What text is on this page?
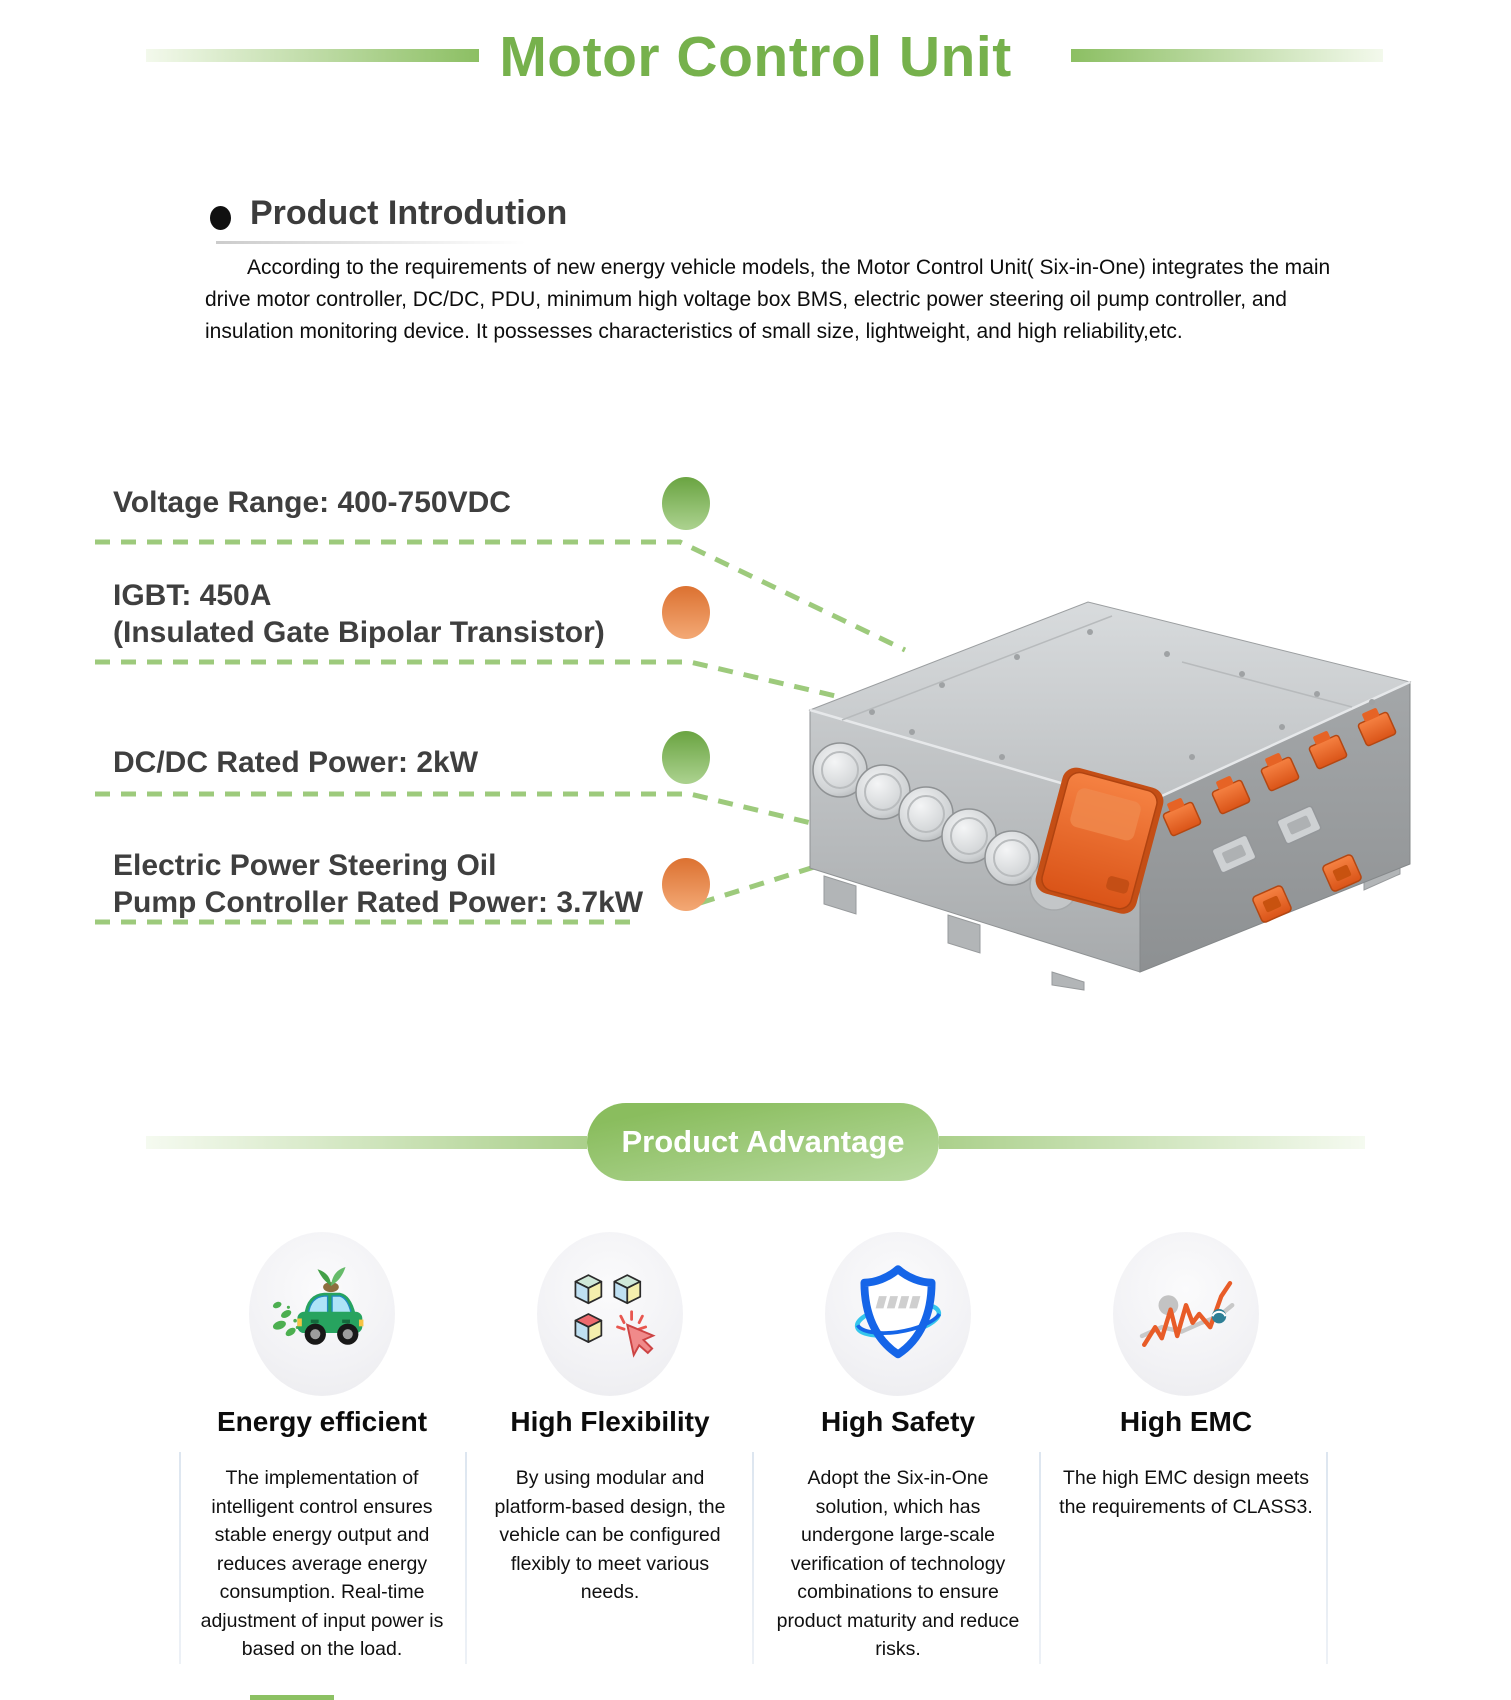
Motor Control Unit
Product Introdution
According to the requirements of new energy vehicle models, the Motor Control Unit( Six-in-One) integrates the main drive motor controller, DC/DC, PDU, minimum high voltage box BMS, electric power steering oil pump controller, and insulation monitoring device. It possesses characteristics of small size, lightweight, and high reliability,etc.
Voltage Range: 400-750VDC
IGBT: 450A
(Insulated Gate Bipolar Transistor)
DC/DC Rated Power: 2kW
Electric Power Steering Oil
Pump Controller Rated Power: 3.7kW
Product Advantage
Energy efficient
The implementation of intelligent control ensures stable energy output and reduces average energy consumption. Real-time adjustment of input power is based on the load.
High Flexibility
By using modular and platform-based design, the vehicle can be configured flexibly to meet various needs.
High Safety
Adopt the Six-in-One solution, which has undergone large-scale verification of technology combinations to ensure product maturity and reduce risks.
High EMC
The high EMC design meets the requirements of CLASS3.
